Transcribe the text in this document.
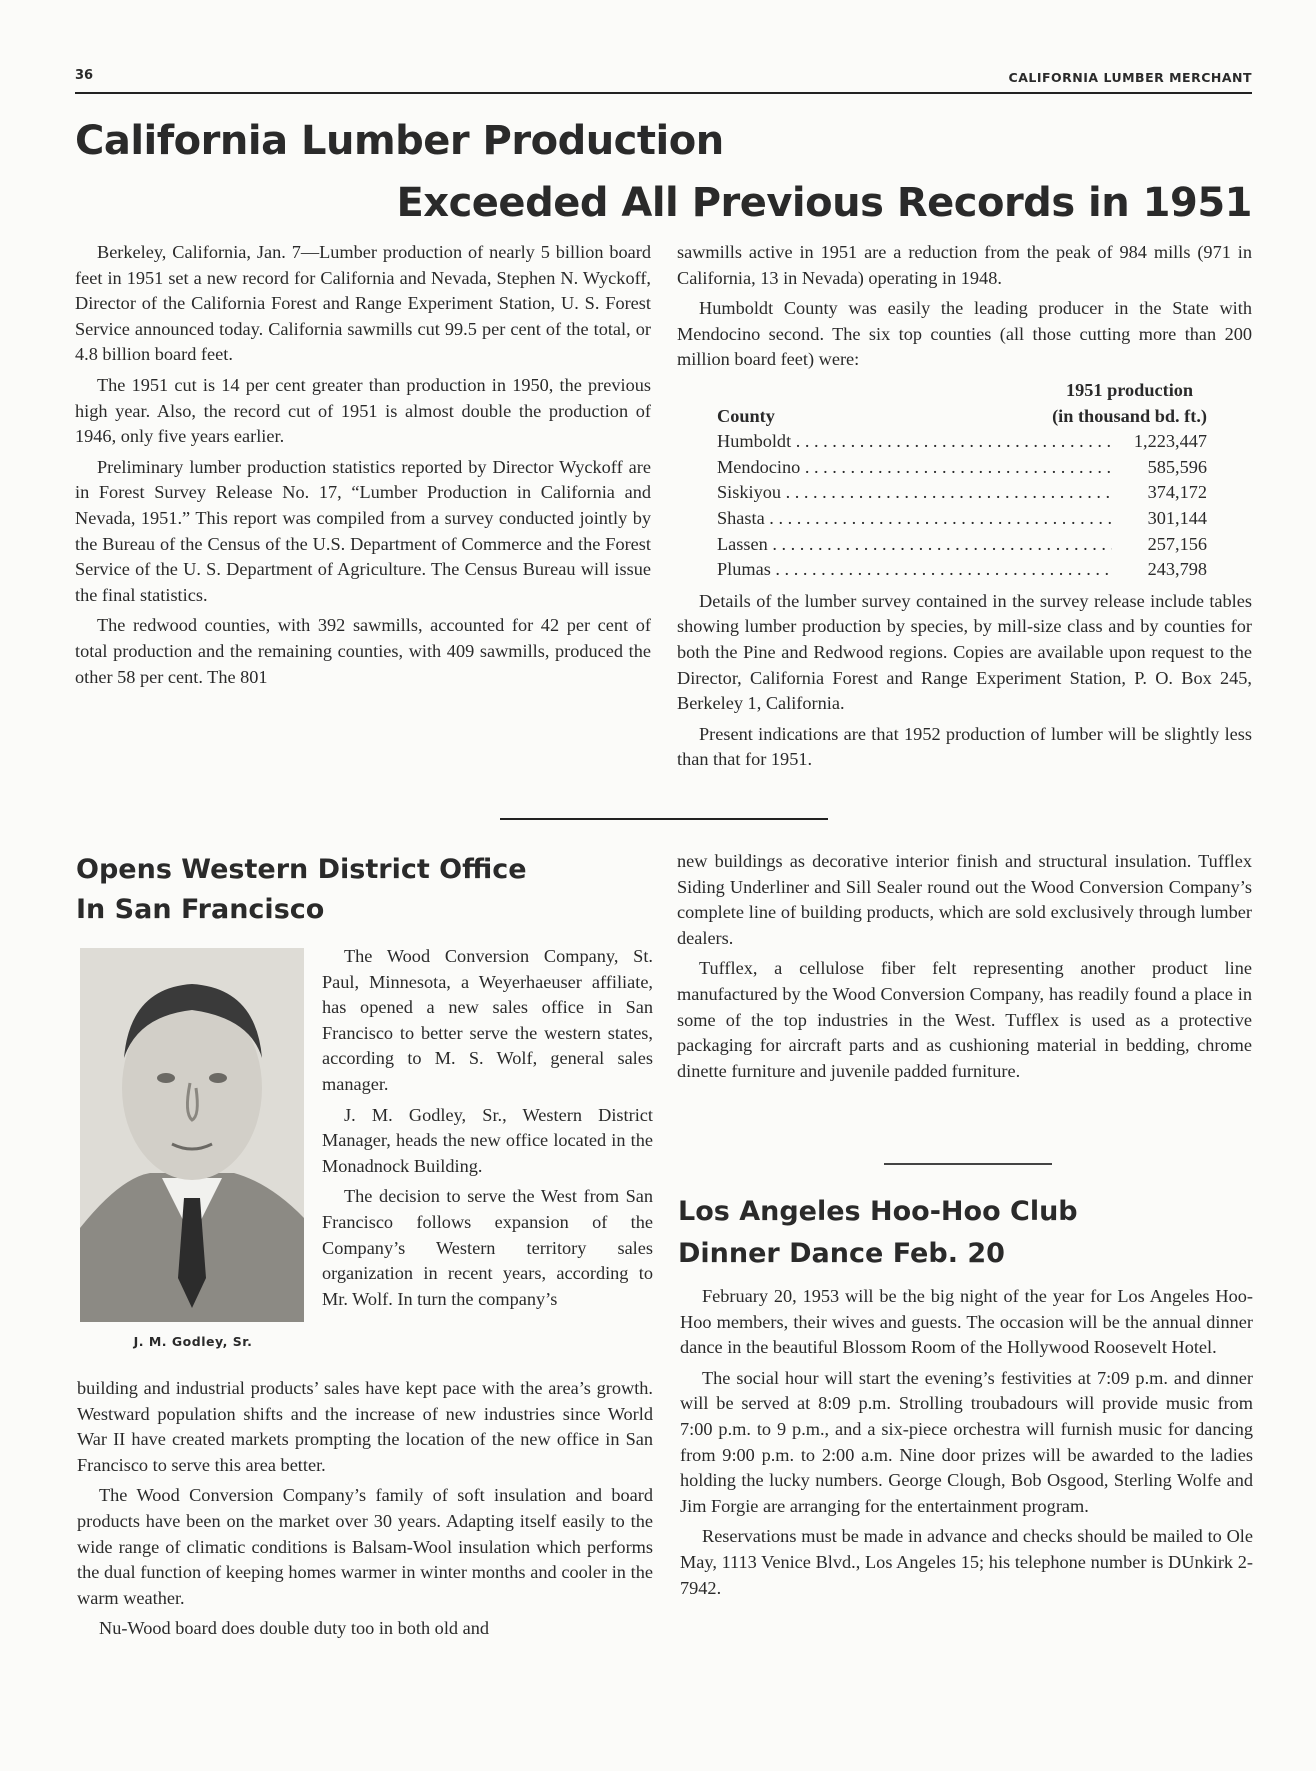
36	CALIFORNIA LUMBER MERCHANT
California Lumber Production
Exceeded All Previous Records in 1951

Berkeley, California, Jan. 7—Lumber production of nearly 5 billion board feet in 1951 set a new record for California and Nevada, Stephen N. Wyckoff, Director of the California Forest and Range Experiment Station, U. S. Forest Service announced today. California sawmills cut 99.5 per cent of the total, or 4.8 billion board feet.

The 1951 cut is 14 per cent greater than production in 1950, the previous high year. Also, the record cut of 1951 is almost double the production of 1946, only five years earlier.

Preliminary lumber production statistics reported by Director Wyckoff are in Forest Survey Release No. 17, “Lumber Production in California and Nevada, 1951.” This report was compiled from a survey conducted jointly by the Bureau of the Census of the U.S. Department of Commerce and the Forest Service of the U. S. Department of Agriculture. The Census Bureau will issue the final statistics.

The redwood counties, with 392 sawmills, accounted for 42 per cent of total production and the remaining counties, with 409 sawmills, produced the other 58 per cent. The 801

sawmills active in 1951 are a reduction from the peak of 984 mills (971 in California, 13 in Nevada) operating in 1948.

Humboldt County was easily the leading producer in the State with Mendocino second. The six top counties (all those cutting more than 200 million board feet) were:

County
1951 production
(in thousand bd. ft.)
Humboldt . . .	1,223,447
Mendocino . . .	585,596
Siskiyou . . .	374,172
Shasta . . .	301,144
Lassen . . .	257,156
Plumas . . .	243,798

Details of the lumber survey contained in the survey release include tables showing lumber production by species, by mill-size class and by counties for both the Pine and Redwood regions. Copies are available upon request to the Director, California Forest and Range Experiment Station, P. O. Box 245, Berkeley 1, California.

Present indications are that 1952 production of lumber will be slightly less than that for 1951.

Opens Western District Office
In San Francisco
J. M. Godley, Sr.

The Wood Conversion Company, St. Paul, Minnesota, a Weyerhaeuser affiliate, has opened a new sales office in San Francisco to better serve the western states, according to M. S. Wolf, general sales manager.

J. M. Godley, Sr., Western District Manager, heads the new office located in the Monadnock Building.

The decision to serve the West from San Francisco follows expansion of the Company’s Western territory sales organization in recent years, according to Mr. Wolf. In turn the company’s

building and industrial products’ sales have kept pace with the area’s growth. Westward population shifts and the increase of new industries since World War II have created markets prompting the location of the new office in San Francisco to serve this area better.

The Wood Conversion Company’s family of soft insulation and board products have been on the market over 30 years. Adapting itself easily to the wide range of climatic conditions is Balsam-Wool insulation which performs the dual function of keeping homes warmer in winter months and cooler in the warm weather.

Nu-Wood board does double duty too in both old and

new buildings as decorative interior finish and structural insulation. Tufflex Siding Underliner and Sill Sealer round out the Wood Conversion Company’s complete line of building products, which are sold exclusively through lumber dealers.

Tufflex, a cellulose fiber felt representing another product line manufactured by the Wood Conversion Company, has readily found a place in some of the top industries in the West. Tufflex is used as a protective packaging for aircraft parts and as cushioning material in bedding, chrome dinette furniture and juvenile padded furniture.

Los Angeles Hoo-Hoo Club
Dinner Dance Feb. 20

February 20, 1953 will be the big night of the year for Los Angeles Hoo-Hoo members, their wives and guests. The occasion will be the annual dinner dance in the beautiful Blossom Room of the Hollywood Roosevelt Hotel.

The social hour will start the evening’s festivities at 7:09 p.m. and dinner will be served at 8:09 p.m. Strolling troubadours will provide music from 7:00 p.m. to 9 p.m., and a six-piece orchestra will furnish music for dancing from 9:00 p.m. to 2:00 a.m. Nine door prizes will be awarded to the ladies holding the lucky numbers. George Clough, Bob Osgood, Sterling Wolfe and Jim Forgie are arranging for the entertainment program.

Reservations must be made in advance and checks should be mailed to Ole May, 1113 Venice Blvd., Los Angeles 15; his telephone number is DUnkirk 2-7942.
